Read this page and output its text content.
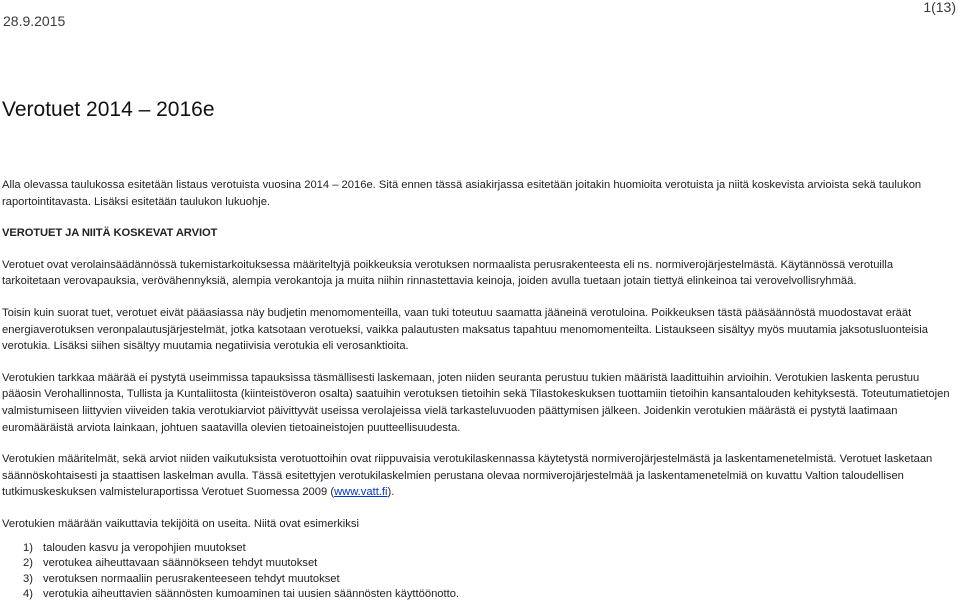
28.9.2015
1(13)
Verotuet 2014 – 2016e

Alla olevassa taulukossa esitetään listaus verotuista vuosina 2014 – 2016e. Sitä ennen tässä asiakirjassa esitetään joitakin huomioita verotuista ja niitä koskevista arvioista sekä taulukon raportointitavasta. Lisäksi esitetään taulukon lukuohje.

VEROTUET JA NIITÄ KOSKEVAT ARVIOT

Verotuet ovat verolainsäädännössä tukemistarkoituksessa määriteltyjä poikkeuksia verotuksen normaalista perusrakenteesta eli ns. normiverojärjestelmästä. Käytännössä verotuilla tarkoitetaan verovapauksia, verövähennyksiä, alempia verokantoja ja muita niihin rinnastettavia keinoja, joiden avulla tuetaan jotain tiettyä elinkeinoa tai verovelvollisryhmää.

Toisin kuin suorat tuet, verotuet eivät pääasiassa näy budjetin menomomenteilla, vaan tuki toteutuu saamatta jääneinä verotuloina. Poikkeuksen tästä pääsäännöstä muodostavat eräät energiaverotuksen veronpalautusjärjestelmät, jotka katsotaan verotueksi, vaikka palautusten maksatus tapahtuu menomomenteilta. Listaukseen sisältyy myös muutamia jaksotusluonteisia verotukia. Lisäksi siihen sisältyy muutamia negatiivisia verotukia eli verosanktioita.

Verotukien tarkkaa määrää ei pystytä useimmissa tapauksissa täsmällisesti laskemaan, joten niiden seuranta perustuu tukien määristä laadittuihin arvioihin. Verotukien laskenta perustuu pääosin Verohallinnosta, Tullista ja Kuntaliitosta (kiinteistöveron osalta) saatuihin verotuksen tietoihin sekä Tilastokeskuksen tuottamiin tietoihin kansantalouden kehityksestä. Toteutumatietojen valmistumiseen liittyvien viiveiden takia verotukiarviot päivittyvät useissa verolajeissa vielä tarkasteluvuoden päättymisen jälkeen. Joidenkin verotukien määrästä ei pystytä laatimaan euromääräistä arviota lainkaan, johtuen saatavilla olevien tietoaineistojen puutteellisuudesta.

Verotukien määritelmät, sekä arviot niiden vaikutuksista verotuottoihin ovat riippuvaisia verotukilaskennassa käytetystä normiverojärjestelmästä ja laskentamenetelmistä. Verotuet lasketaan säännöskohtaisesti ja staattisen laskelman avulla. Tässä esitettyjen verotukilaskelmien perustana olevaa normiverojärjestelmää ja laskentamenetelmiä on kuvattu Valtion taloudellisen tutkimuskeskuksen valmisteluraportissa Verotuet Suomessa 2009 (www.vatt.fi).

Verotukien määrään vaikuttavia tekijöitä on useita. Niitä ovat esimerkiksi

1) talouden kasvu ja veropohjien muutokset
2) verotukea aiheuttavaan säännökseen tehdyt muutokset
3) verotuksen normaaliin perusrakenteeseen tehdyt muutokset
4) verotukia aiheuttavien säännösten kumoaminen tai uusien säännösten käyttöönotto.
